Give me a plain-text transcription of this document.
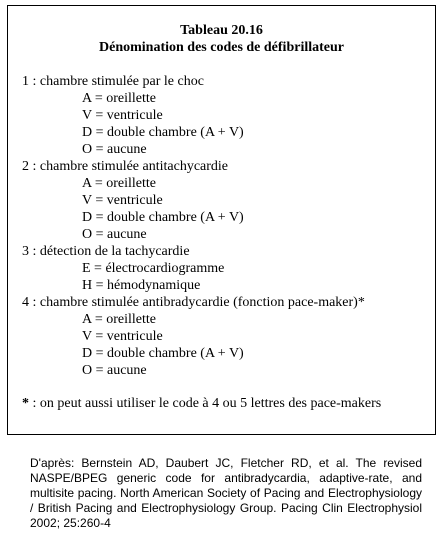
Tableau 20.16
Dénomination des codes de défibrillateur
1 : chambre stimulée par le choc
A = oreillette
V = ventricule
D = double chambre (A + V)
O = aucune
2 : chambre stimulée antitachycardie
A = oreillette
V = ventricule
D = double chambre (A + V)
O = aucune
3 : détection de la tachycardie
E = électrocardiogramme
H = hémodynamique
4 : chambre stimulée antibradycardie (fonction pace-maker)*
A = oreillette
V = ventricule
D = double chambre (A + V)
O = aucune
* : on peut aussi utiliser le code à 4 ou 5 lettres des pace-makers
D'après: Bernstein AD, Daubert JC, Fletcher RD, et al. The revised NASPE/BPEG generic code for antibradycardia, adaptive-rate, and multisite pacing. North American Society of Pacing and Electrophysiology / British Pacing and Electrophysiology Group. Pacing Clin Electrophysiol 2002; 25:260-4
